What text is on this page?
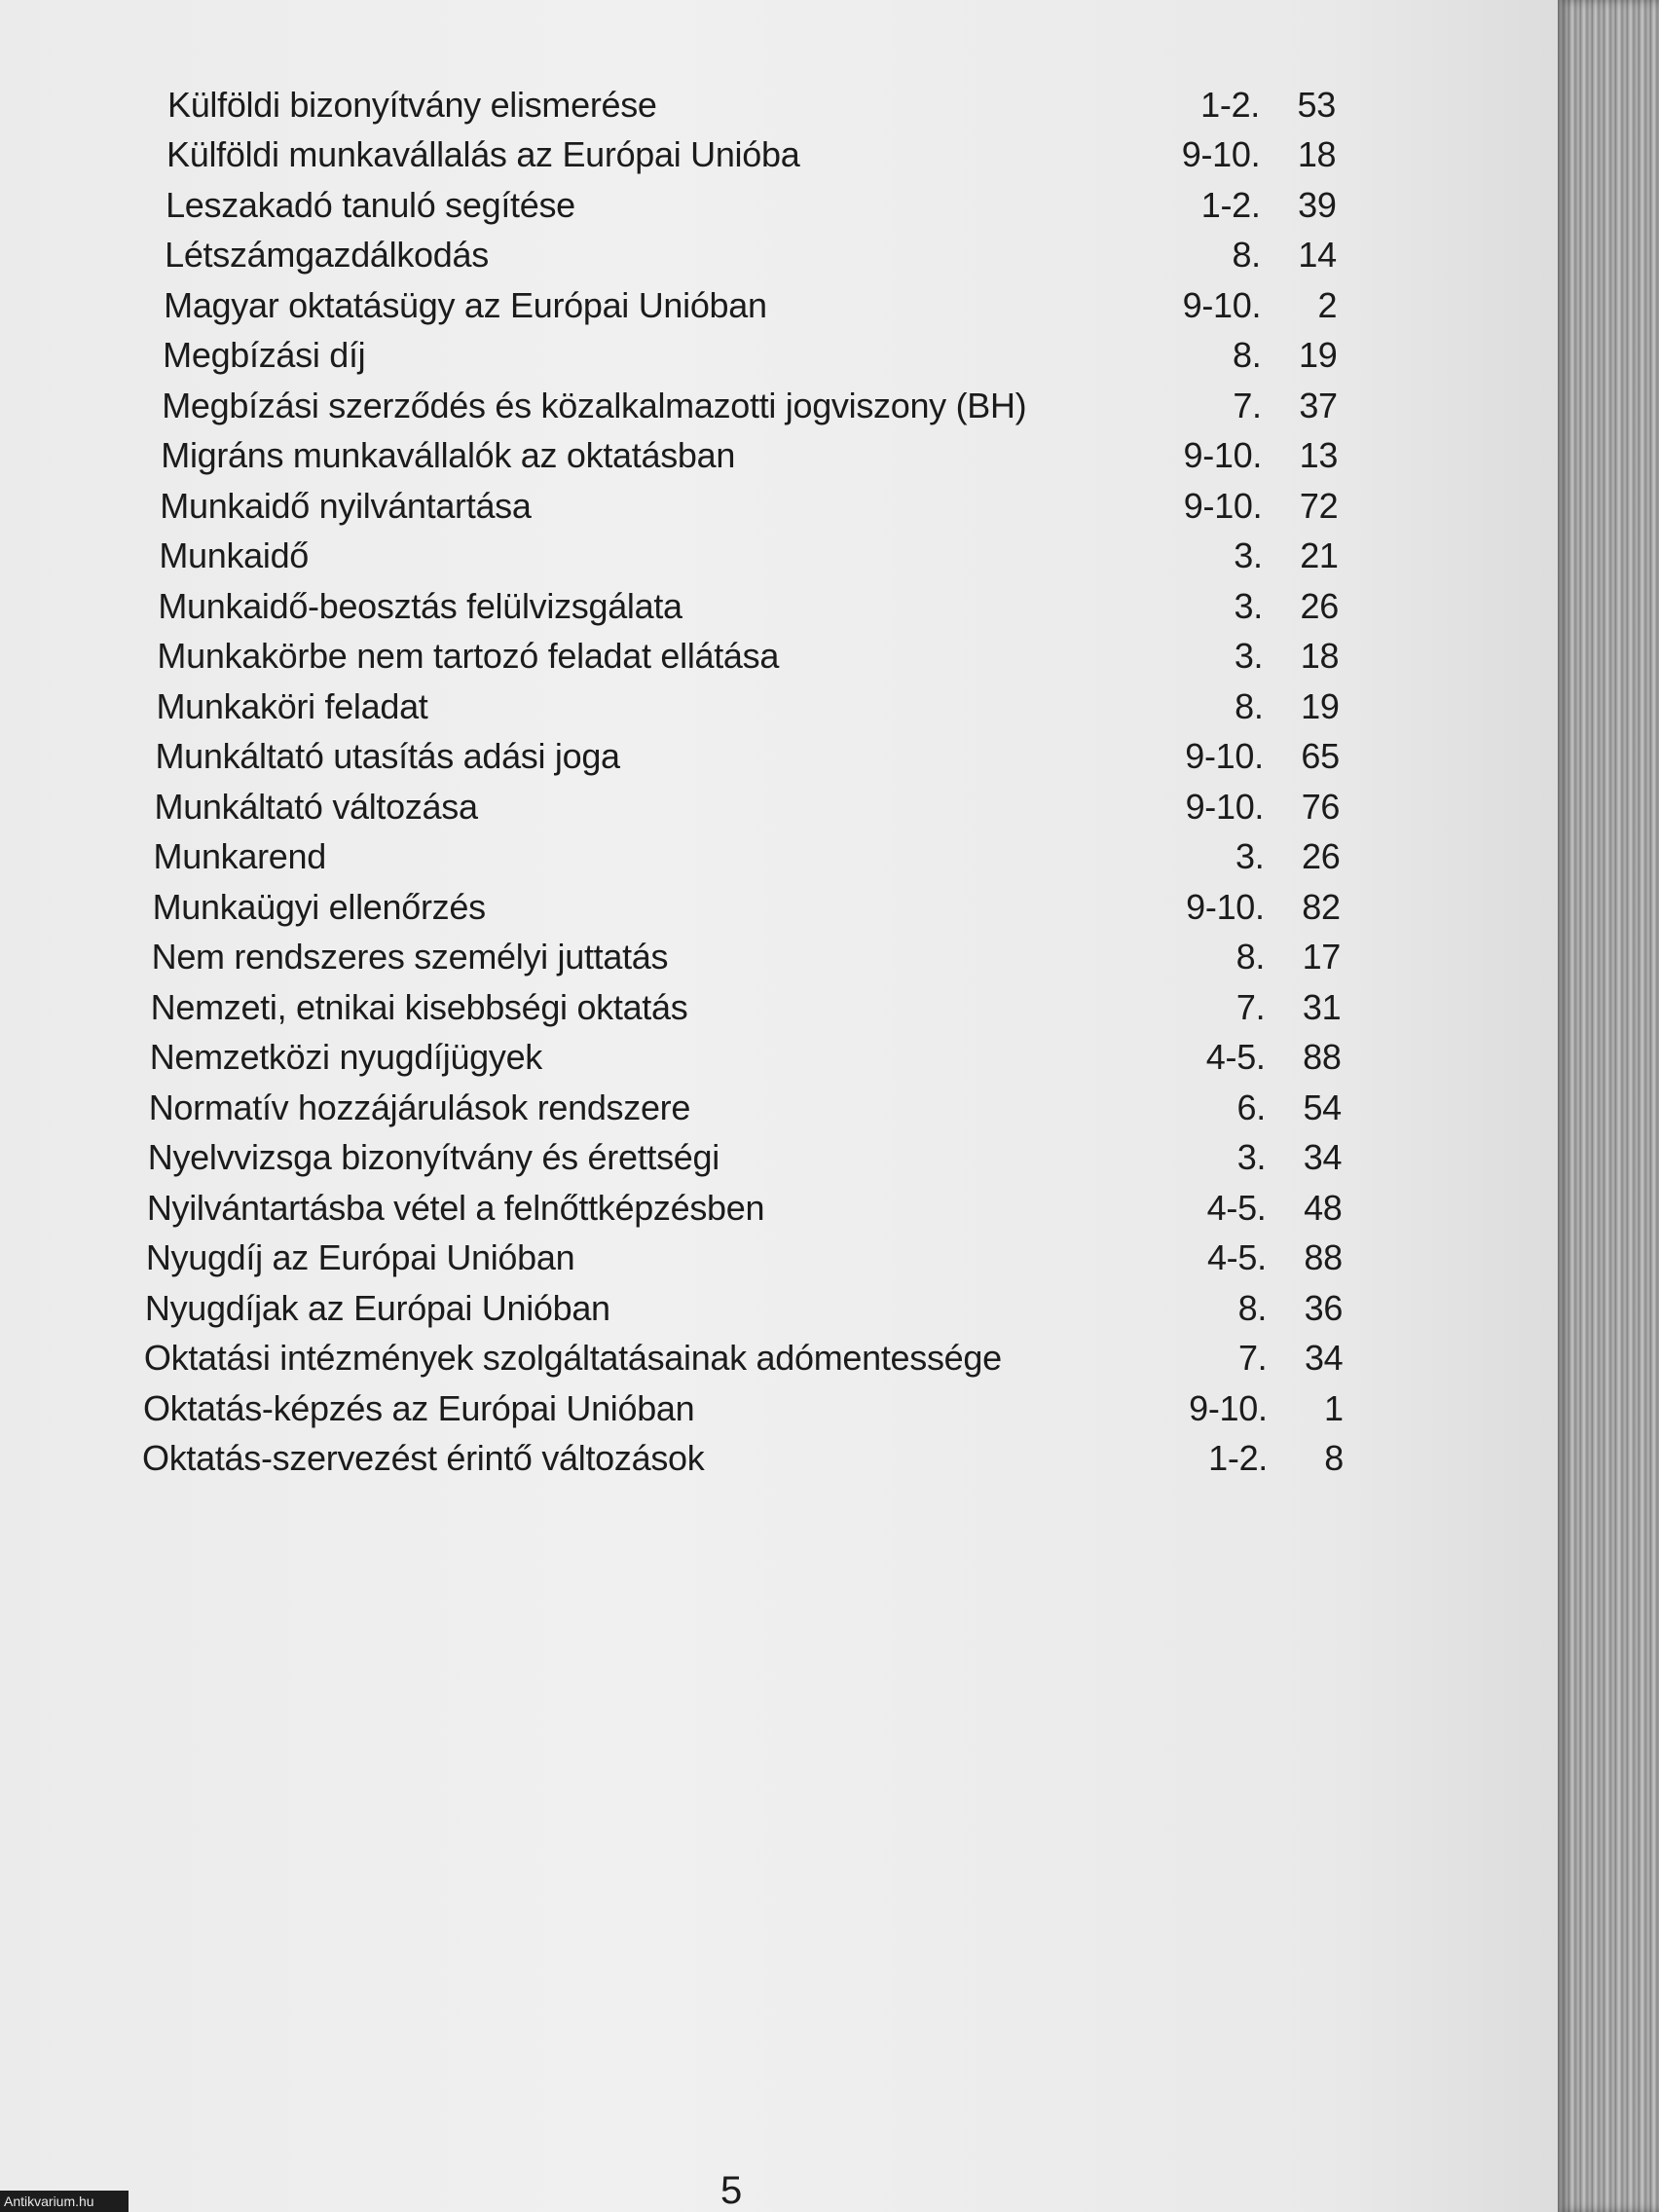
Külföldi bizonyítvány elismerése	1-2.	53
Külföldi munkavállalás az Európai Unióba	9-10.	18
Leszakadó tanuló segítése	1-2.	39
Létszámgazdálkodás	8.	14
Magyar oktatásügy az Európai Unióban	9-10.	2
Megbízási díj	8.	19
Megbízási szerződés és közalkalmazotti jogviszony (BH)	7.	37
Migráns munkavállalók az oktatásban	9-10.	13
Munkaidő nyilvántartása	9-10.	72
Munkaidő	3.	21
Munkaidő-beosztás felülvizsgálata	3.	26
Munkakörbe nem tartozó feladat ellátása	3.	18
Munkaköri feladat	8.	19
Munkáltató utasítás adási joga	9-10.	65
Munkáltató változása	9-10.	76
Munkarend	3.	26
Munkaügyi ellenőrzés	9-10.	82
Nem rendszeres személyi juttatás	8.	17
Nemzeti, etnikai kisebbségi oktatás	7.	31
Nemzetközi nyugdíjügyek	4-5.	88
Normatív hozzájárulások rendszere	6.	54
Nyelvvizsga bizonyítvány és érettségi	3.	34
Nyilvántartásba vétel a felnőttképzésben	4-5.	48
Nyugdíj az Európai Unióban	4-5.	88
Nyugdíjak az Európai Unióban	8.	36
Oktatási intézmények szolgáltatásainak adómentessége	7.	34
Oktatás-képzés az Európai Unióban	9-10.	1
Oktatás-szervezést érintő változások	1-2.	8
5
Antikvarium.hu
